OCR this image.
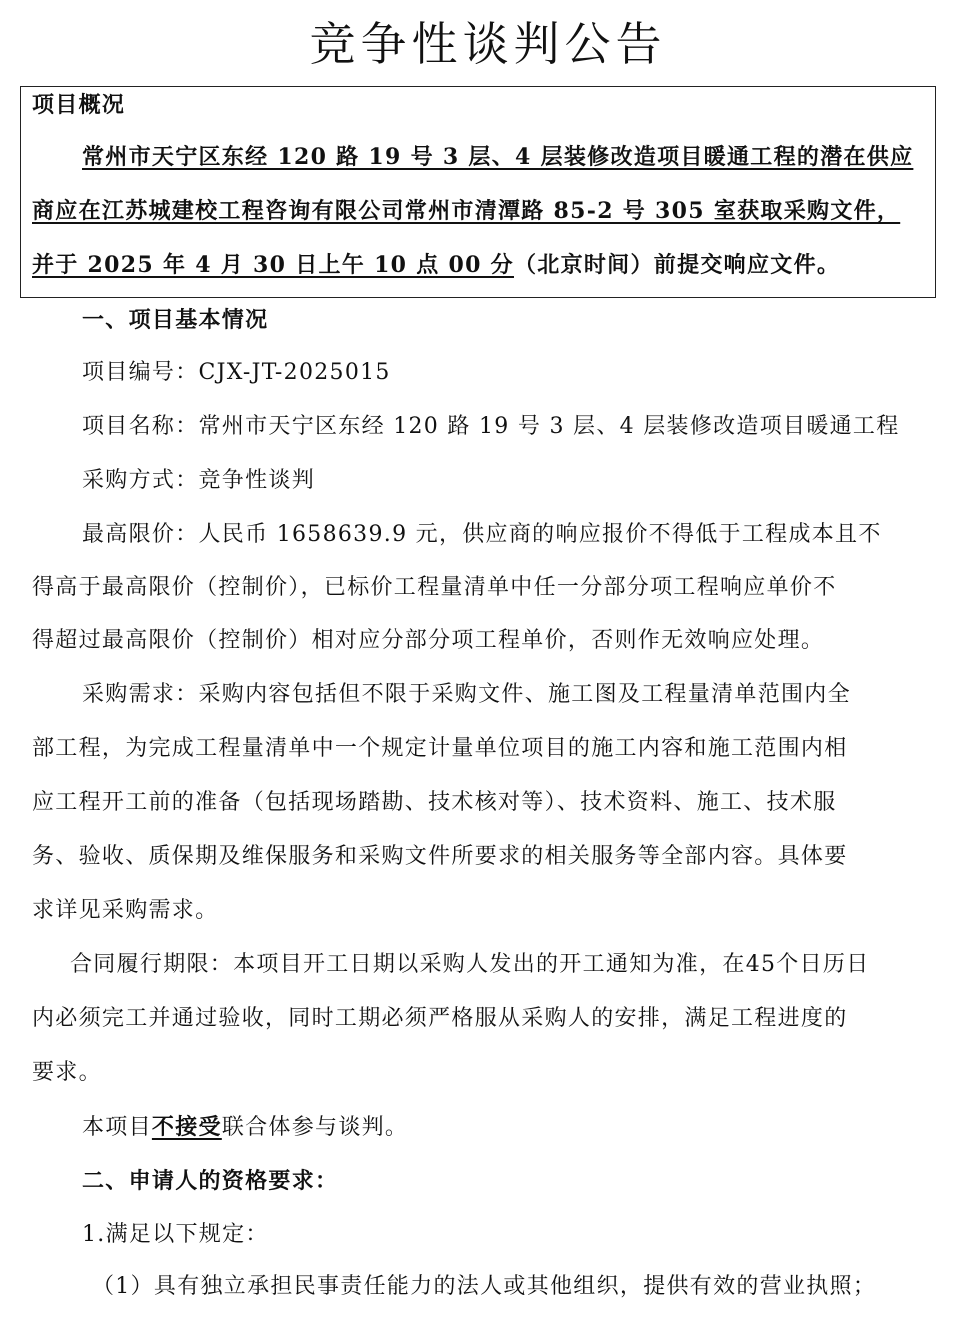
竞争性谈判公告
项目概况
常州市天宁区东经 120 路 19 号 3 层、4 层装修改造项目暖通工程的潜在供应
商应在江苏城建校工程咨询有限公司常州市清潭路 85-2 号 305 室获取采购文件，
并于 2025 年 4 月 30 日上午 10 点 00 分（北京时间）前提交响应文件。
一、项目基本情况
项目编号：CJX-JT-2025015
项目名称：常州市天宁区东经 120 路 19 号 3 层、4 层装修改造项目暖通工程
采购方式：竞争性谈判
最高限价：人民币 1658639.9 元，供应商的响应报价不得低于工程成本且不
得高于最高限价（控制价），已标价工程量清单中任一分部分项工程响应单价不
得超过最高限价（控制价）相对应分部分项工程单价，否则作无效响应处理。
采购需求：采购内容包括但不限于采购文件、施工图及工程量清单范围内全
部工程，为完成工程量清单中一个规定计量单位项目的施工内容和施工范围内相
应工程开工前的准备（包括现场踏勘、技术核对等）、技术资料、施工、技术服
务、验收、质保期及维保服务和采购文件所要求的相关服务等全部内容。具体要
求详见采购需求。
合同履行期限：本项目开工日期以采购人发出的开工通知为准，在45个日历日
内必须完工并通过验收，同时工期必须严格服从采购人的安排，满足工程进度的
要求。
本项目不接受联合体参与谈判。
二、申请人的资格要求：
1.满足以下规定：
（1）具有独立承担民事责任能力的法人或其他组织，提供有效的营业执照；
